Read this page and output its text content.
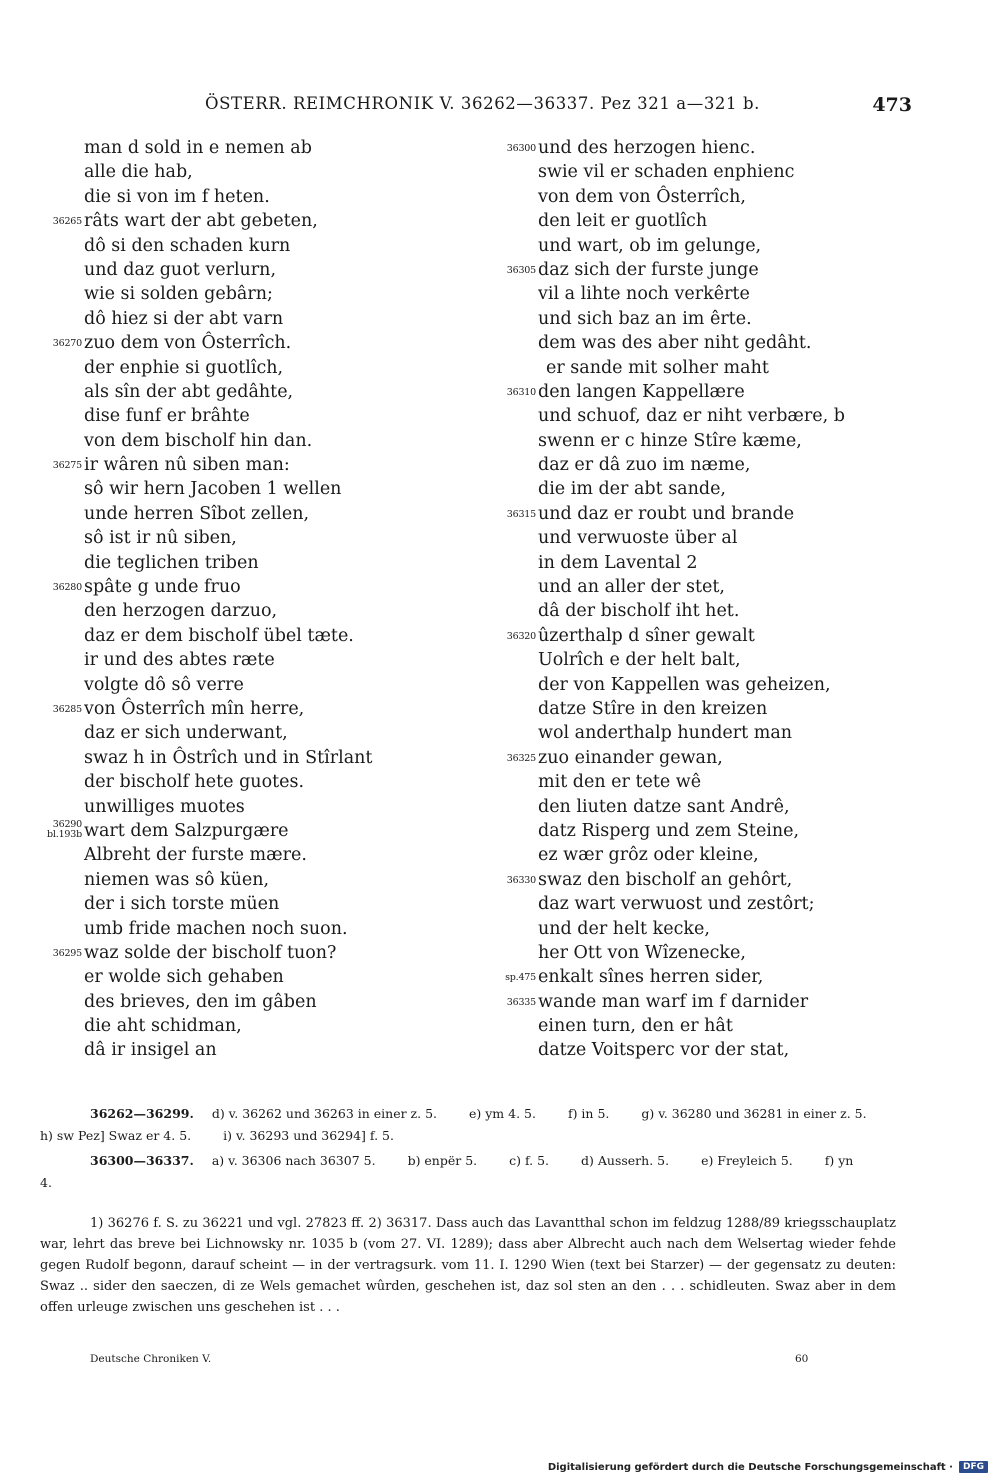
ÖSTERR. REIMCHRONIK V. 36262—36337. Pez 321 a—321 b.	473
man d sold in e nemen ab
alle die hab,
die si von im f heten.
36265 râts wart der abt gebeten,
dô si den schaden kurn
und daz guot verlurn,
wie si solden gebârn;
dô hiez si der abt varn
36270 zuo dem von Ôsterrîch.
der enphie si guotlîch,
als sîn der abt gedâhte,
dise funf er brâhte
von dem bischolf hin dan.
36275 ir wâren nû siben man:
sô wir hern Jacoben 1 wellen
unde herren Sîbot zellen,
sô ist ir nû siben,
die teglichen triben
36280 spâte g unde fruo
den herzogen darzuo,
daz er dem bischolf übel tæte.
ir und des abtes ræte
volgte dô sô verre
36285 von Ôsterrîch mîn herre,
daz er sich underwant,
swaz h in Ôstrîch und in Stîrlant
der bischolf hete guotes.
unwilliges muotes
36290
bl.193b wart dem Salzpurgære
Albreht der furste mære.
niemen was sô küen,
der i sich torste müen
umb fride machen noch suon.
36295 waz solde der bischolf tuon?
er wolde sich gehaben
des brieves, den im gâben
die aht schidman,
dâ ir insigel an
36300 und des herzogen hienc.
swie vil er schaden enphienc
von dem von Ôsterrîch,
den leit er guotlîch
und wart, ob im gelunge,
36305 daz sich der furste junge
vil a lihte noch verkêrte
und sich baz an im êrte.
dem was des aber niht gedâht.
er sande mit solher maht
36310 den langen Kappellære
und schuof, daz er niht verbære, b
swenn er c hinze Stîre kæme,
daz er dâ zuo im næme,
die im der abt sande,
36315 und daz er roubt und brande
und verwuoste über al
in dem Lavental 2
und an aller der stet,
dâ der bischolf iht het.
36320 ûzerthalp d sîner gewalt
Uolrîch e der helt balt,
der von Kappellen was geheizen,
datze Stîre in den kreizen
wol anderthalp hundert man
36325 zuo einander gewan,
mit den er tete wê
den liuten datze sant Andrê,
datz Risperg und zem Steine,
ez wær grôz oder kleine,
36330 swaz den bischolf an gehôrt,
daz wart verwuost und zestôrt;
und der helt kecke,
her Ott von Wîzenecke,
sp.475 enkalt sînes herren sider,
36335 wande man warf im f darnider
einen turn, den er hât
datze Voitsperc vor der stat,
36262—36299. d) v. 36262 und 36263 in einer z. 5.	e) ym 4. 5.	f) in 5.	g) v. 36280 und 36281 in einer z. 5. h) sw Pez] Swaz er 4. 5.	i) v. 36293 und 36294] f. 5.
36300—36337. a) v. 36306 nach 36307 5.	b) enpër 5.	c) f. 5.	d) Ausserh. 5.	e) Freyleich 5.	f) yn 4.
1) 36276 f. S. zu 36221 und vgl. 27823 ff. 2) 36317. Dass auch das Lavantthal schon im feldzug 1288/89 kriegsschauplatz war, lehrt das breve bei Lichnowsky nr. 1035 b (vom 27. VI. 1289); dass aber Albrecht auch nach dem Welsertag wieder fehde gegen Rudolf begonn, darauf scheint — in der vertragsurk. vom 11. I. 1290 Wien (text bei Starzer) — der gegensatz zu deuten: Swaz .. sider den saeczen, di ze Wels gemachet wûrden, geschehen ist, daz sol sten an den . . . schidleuten. Swaz aber in dem offen urleuge zwischen uns geschehen ist . . .
Deutsche Chroniken V.	60
Digitalisierung gefördert durch die Deutsche Forschungsgemeinschaft ·	DFG
